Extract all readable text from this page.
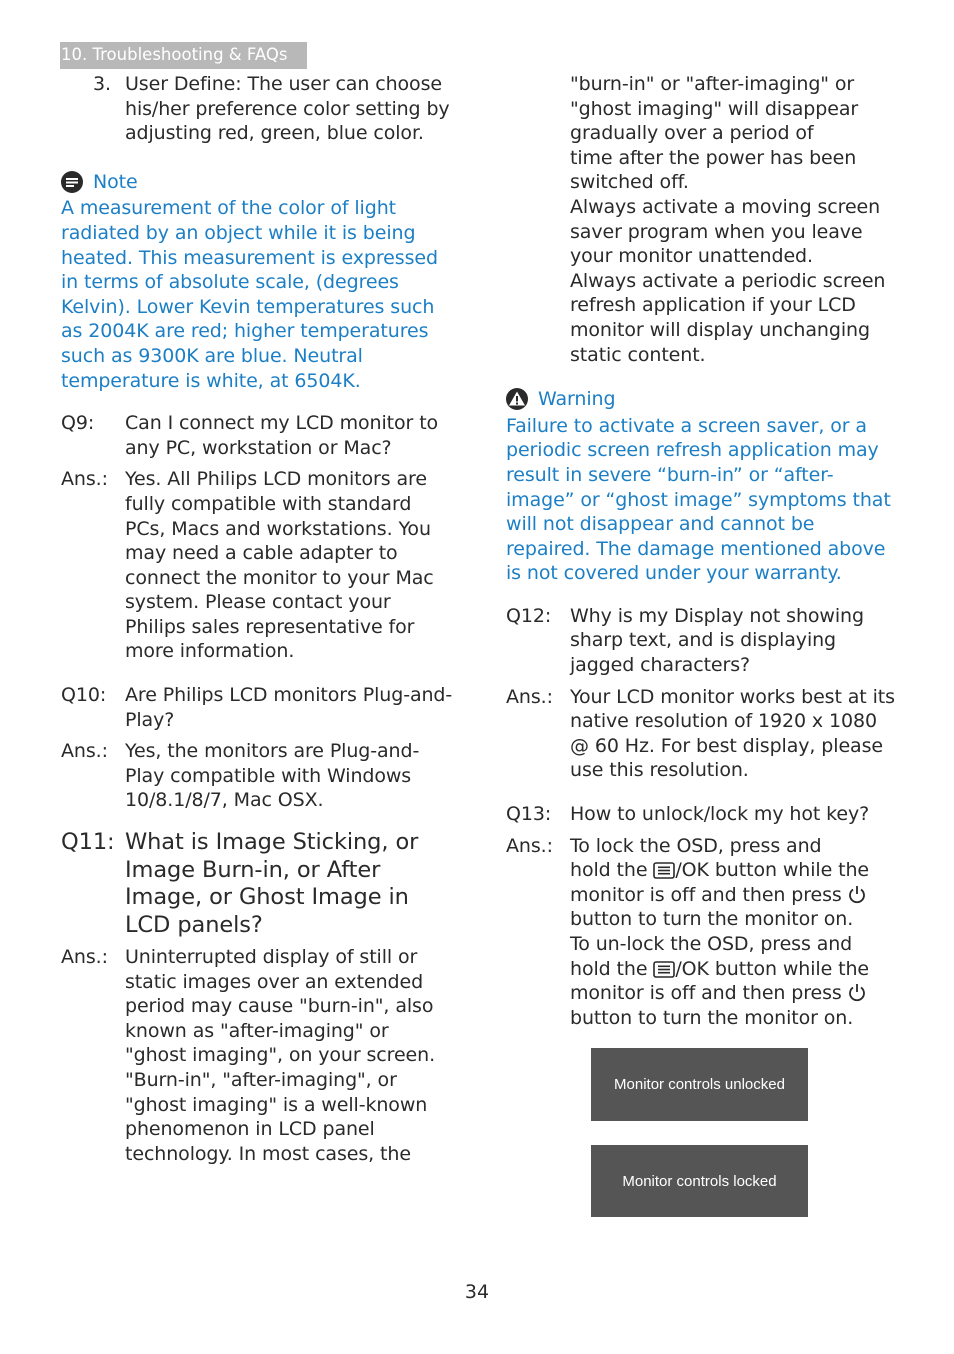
10. Troubleshooting & FAQs
3. User Define: The user can choose his/her preference color setting by adjusting red, green, blue color.
Note
A measurement of the color of light radiated by an object while it is being heated. This measurement is expressed in terms of absolute scale, (degrees Kelvin). Lower Kevin temperatures such as 2004K are red; higher temperatures such as 9300K are blue. Neutral temperature is white, at 6504K.
Q9:	Can I connect my LCD monitor to any PC, workstation or Mac?
Ans.: Yes. All Philips LCD monitors are fully compatible with standard PCs, Macs and workstations. You may need a cable adapter to connect the monitor to your Mac system. Please contact your Philips sales representative for more information.
Q10: Are Philips LCD monitors Plug-and- Play?
Ans.: Yes, the monitors are Plug-and-Play compatible with Windows 10/8.1/8/7, Mac OSX.
Q11: What is Image Sticking, or Image Burn-in, or After Image, or Ghost Image in LCD panels?
Ans.: Uninterrupted display of still or static images over an extended period may cause "burn-in", also known as "after-imaging" or "ghost imaging", on your screen. "Burn-in", "after-imaging", or "ghost imaging" is a well-known phenomenon in LCD panel technology. In most cases, the
"burn-in" or "after-imaging" or "ghost imaging" will disappear gradually over a period of
time after the power has been switched off.
Always activate a moving screen saver program when you leave your monitor unattended.
Always activate a periodic screen refresh application if your LCD monitor will display unchanging static content.
Warning
Failure to activate a screen saver, or a periodic screen refresh application may result in severe “burn-in” or “after-image” or “ghost image” symptoms that will not disappear and cannot be repaired. The damage mentioned above is not covered under your warranty.
Q12: Why is my Display not showing sharp text, and is displaying jagged characters?
Ans.: Your LCD monitor works best at its native resolution of 1920 x 1080 @ 60 Hz. For best display, please use this resolution.
Q13: How to unlock/lock my hot key?
Ans.: To lock the OSD, press and
hold the /OK button while the
monitor is off and then press
button to turn the monitor on.
To un-lock the OSD, press and
hold the /OK button while the
monitor is off and then press
button to turn the monitor on.
Monitor controls unlocked
Monitor controls locked
34
